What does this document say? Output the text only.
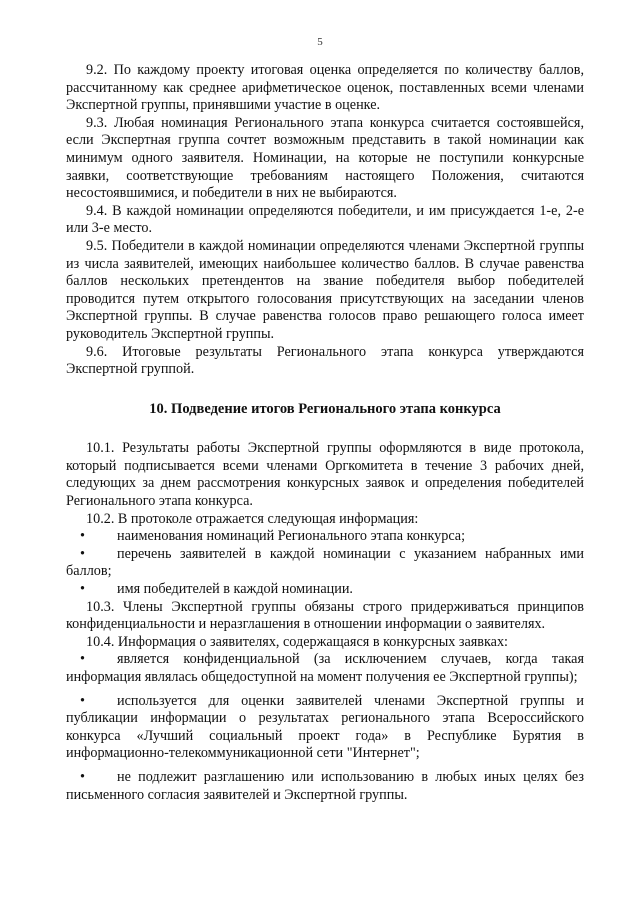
5

9.2. По каждому проекту итоговая оценка определяется по количеству баллов, рассчитанному как среднее арифметическое оценок, поставленных всеми членами Экспертной группы, принявшими участие в оценке.

9.3. Любая номинация Регионального этапа конкурса считается состоявшейся, если Экспертная группа сочтет возможным представить в такой номинации как минимум одного заявителя. Номинации, на которые не поступили конкурсные заявки, соответствующие требованиям настоящего Положения, считаются несостоявшимися, и победители в них не выбираются.

9.4. В каждой номинации определяются победители, и им присуждается 1-е, 2-е или 3-е место.

9.5. Победители в каждой номинации определяются членами Экспертной группы из числа заявителей, имеющих наибольшее количество баллов. В случае равенства баллов нескольких претендентов на звание победителя выбор победителей проводится путем открытого голосования присутствующих на заседании членов Экспертной группы. В случае равенства голосов право решающего голоса имеет руководитель Экспертной группы.

9.6. Итоговые результаты Регионального этапа конкурса утверждаются Экспертной группой.

10. Подведение итогов Регионального этапа конкурса

10.1. Результаты работы Экспертной группы оформляются в виде протокола, который подписывается всеми членами Оргкомитета в течение 3 рабочих дней, следующих за днем рассмотрения конкурсных заявок и определения победителей Регионального этапа конкурса.

10.2. В протоколе отражается следующая информация:

• наименования номинаций Регионального этапа конкурса;

• перечень заявителей в каждой номинации с указанием набранных ими баллов;

• имя победителей в каждой номинации.

10.3. Члены Экспертной группы обязаны строго придерживаться принципов конфиденциальности и неразглашения в отношении информации о заявителях.

10.4. Информация о заявителях, содержащаяся в конкурсных заявках:

• является конфиденциальной (за исключением случаев, когда такая информация являлась общедоступной на момент получения ее Экспертной группы);

• используется для оценки заявителей членами Экспертной группы и публикации информации о результатах регионального этапа Всероссийского конкурса «Лучший социальный проект года» в Республике Бурятия в информационно-телекоммуникационной сети "Интернет";

• не подлежит разглашению или использованию в любых иных целях без письменного согласия заявителей и Экспертной группы.
